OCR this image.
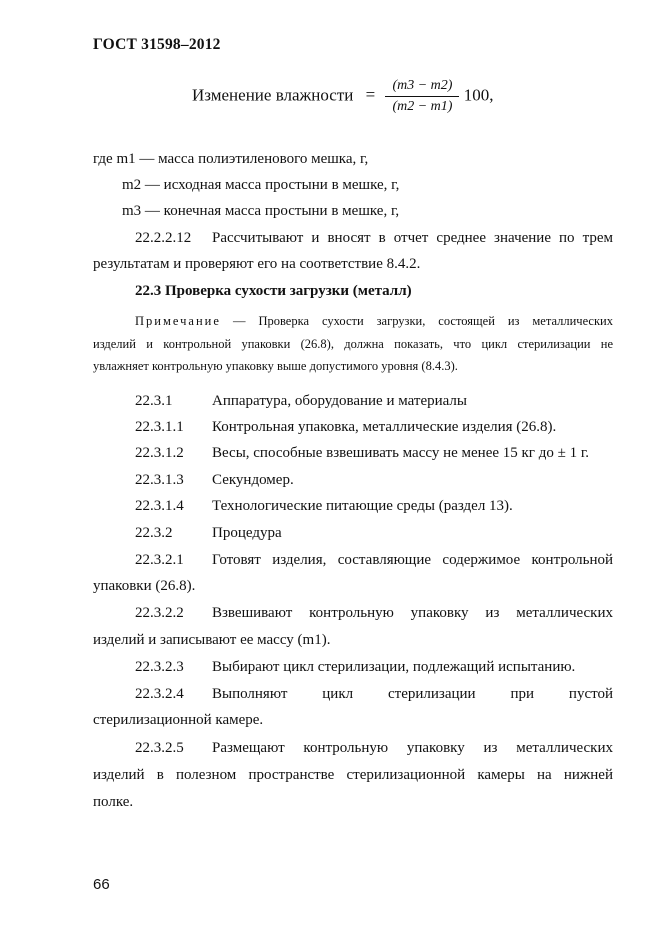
ГОСТ 31598–2012
Изменение влажности = $\frac{(m3 - m2)}{(m2 - m1)} 100$,
где m1 — масса полиэтиленового мешка, г,
m2 — исходная масса простыни в мешке, г,
m3 — конечная масса простыни в мешке, г,
22.2.2.12 Рассчитывают и вносят в отчет среднее значение по трем
результатам и проверяют его на соответствие 8.4.2.
22.3 Проверка сухости загрузки (металл)
Примечание — Проверка сухости загрузки, состоящей из металлических
изделий и контрольной упаковки (26.8), должна показать, что цикл стерилизации не
увлажняет контрольную упаковку выше допустимого уровня (8.4.3).
22.3.1	Аппаратура, оборудование и материалы
22.3.1.1 Контрольная упаковка, металлические изделия (26.8).
22.3.1.2 Весы, способные взвешивать массу не менее 15 кг до ± 1 г.
22.3.1.3 Секундомер.
22.3.1.4 Технологические питающие среды (раздел 13).
22.3.2	Процедура
22.3.2.1 Готовят изделия, составляющие содержимое контрольной
упаковки (26.8).
22.3.2.2 Взвешивают контрольную упаковку из металлических
изделий и записывают ее массу (m1).
22.3.2.3 Выбирают цикл стерилизации, подлежащий испытанию.
22.3.2.4 Выполняют цикл стерилизации при пустой
стерилизационной камере.
22.3.2.5 Размещают контрольную упаковку из металлических
изделий в полезном пространстве стерилизационной камеры на нижней
полке.
66
